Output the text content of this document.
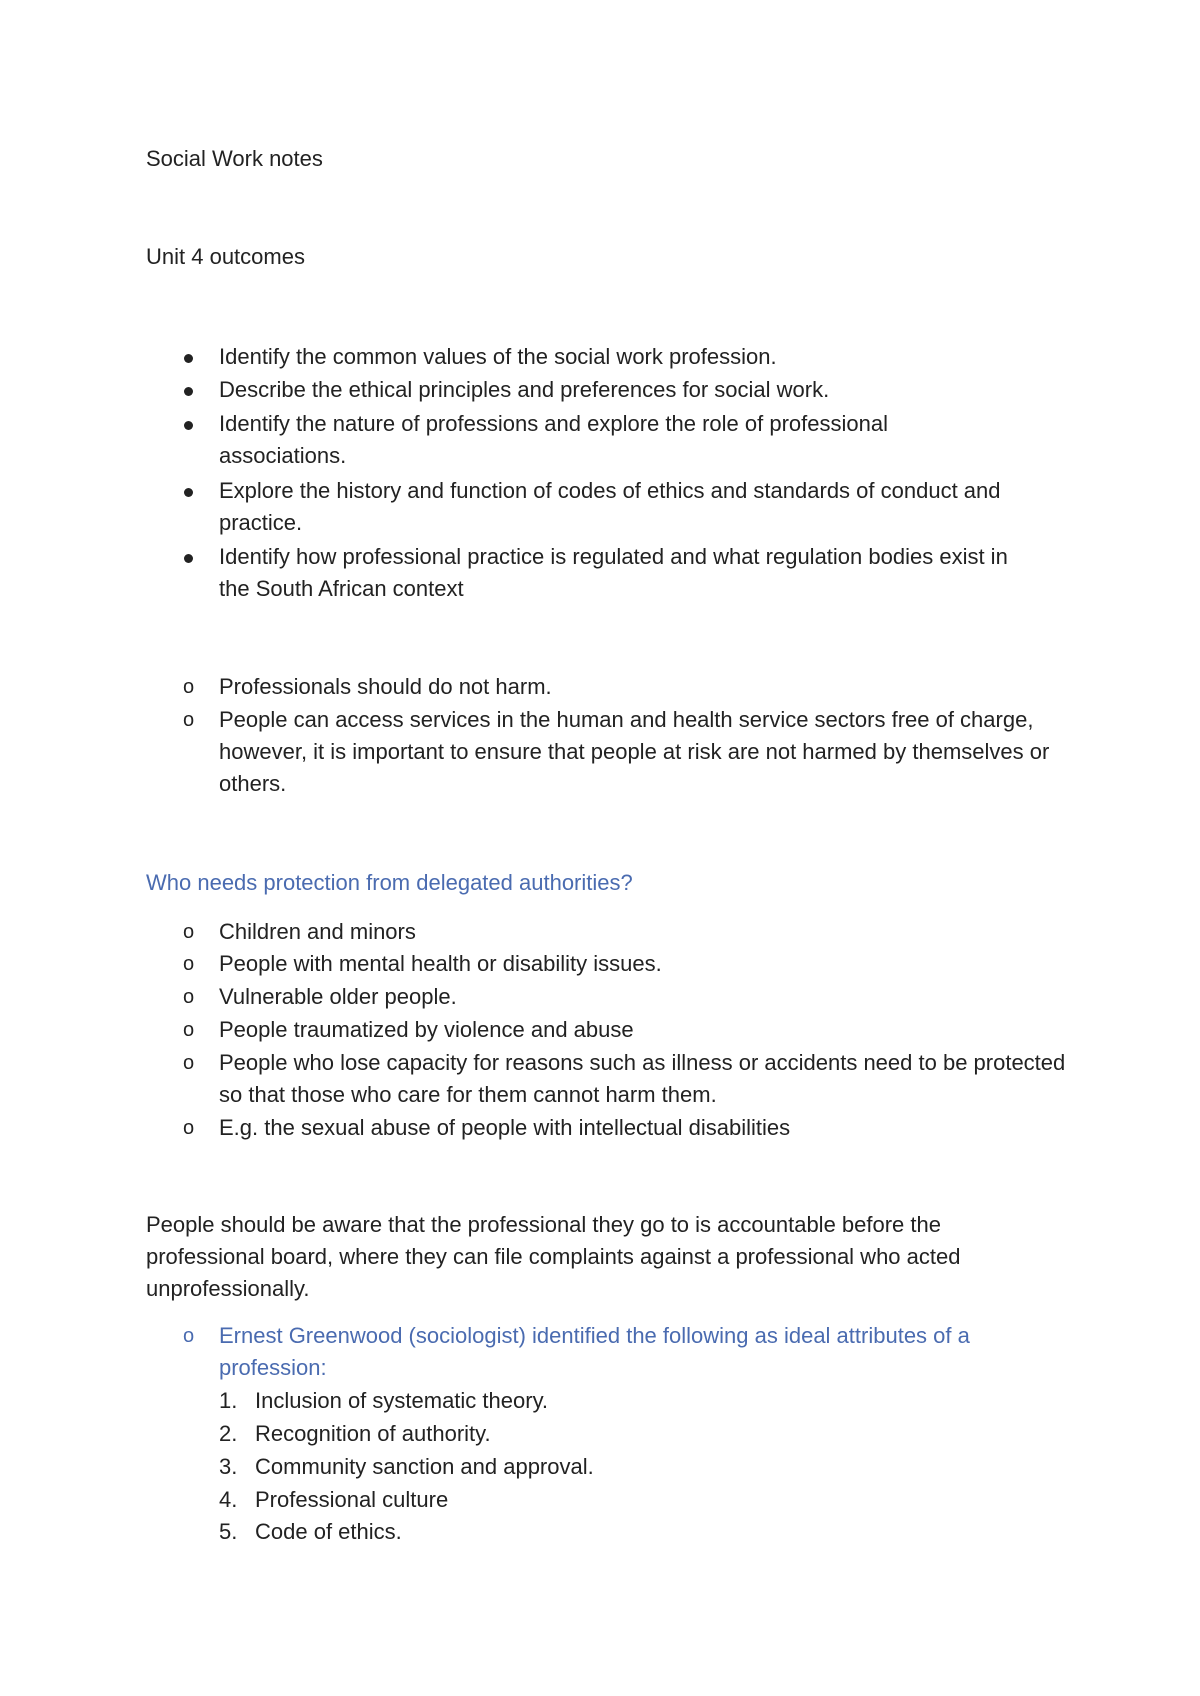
Social Work notes
Unit 4 outcomes
Identify the common values of the social work profession.
Describe the ethical principles and preferences for social work.
Identify the nature of professions and explore the role of professional associations.
Explore the history and function of codes of ethics and standards of conduct and practice.
Identify how professional practice is regulated and what regulation bodies exist in the South African context
o Professionals should do not harm.
o People can access services in the human and health service sectors free of charge, however, it is important to ensure that people at risk are not harmed by themselves or others.
Who needs protection from delegated authorities?
o Children and minors
o People with mental health or disability issues.
o Vulnerable older people.
o People traumatized by violence and abuse
o People who lose capacity for reasons such as illness or accidents need to be protected so that those who care for them cannot harm them.
o E.g. the sexual abuse of people with intellectual disabilities
People should be aware that the professional they go to is accountable before the professional board, where they can file complaints against a professional who acted unprofessionally.
o Ernest Greenwood (sociologist) identified the following as ideal attributes of a profession:
1. Inclusion of systematic theory.
2. Recognition of authority.
3. Community sanction and approval.
4. Professional culture
5. Code of ethics.
